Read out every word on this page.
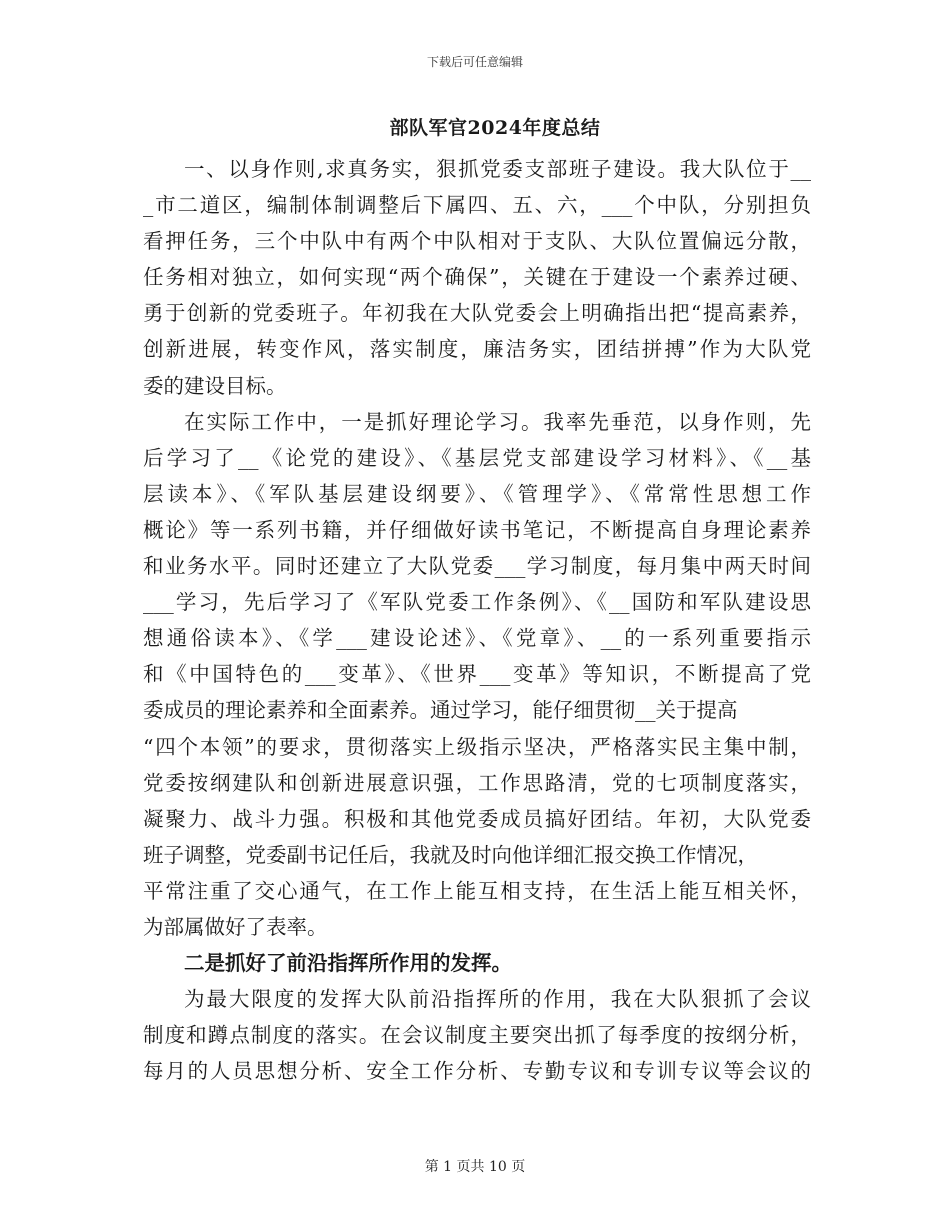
下载后可任意编辑
部队军官2024年度总结
一、以身作则,求真务实，狠抓党委支部班子建设。我大队位于__
_市二道区，编制体制调整后下属四、五、六，___个中队，分别担负
看押任务，三个中队中有两个中队相对于支队、大队位置偏远分散，
任务相对独立，如何实现“两个确保”，关键在于建设一个素养过硬、
勇于创新的党委班子。年初我在大队党委会上明确指出把“提高素养，
创新进展，转变作风，落实制度，廉洁务实，团结拼搏”作为大队党
委的建设目标。
在实际工作中，一是抓好理论学习。我率先垂范，以身作则，先
后学习了__《论党的建设》、《基层党支部建设学习材料》、《__基
层读本》、《军队基层建设纲要》、《管理学》、《常常性思想工作
概论》等一系列书籍，并仔细做好读书笔记，不断提高自身理论素养
和业务水平。同时还建立了大队党委___学习制度，每月集中两天时间
___学习，先后学习了《军队党委工作条例》、《__国防和军队建设思
想通俗读本》、《学___建设论述》、《党章》、__的一系列重要指示
和《中国特色的___变革》、《世界___变革》等知识，不断提高了党
委成员的理论素养和全面素养。通过学习，能仔细贯彻__关于提高
“四个本领”的要求，贯彻落实上级指示坚决，严格落实民主集中制，
党委按纲建队和创新进展意识强，工作思路清，党的七项制度落实，
凝聚力、战斗力强。积极和其他党委成员搞好团结。年初，大队党委
班子调整，党委副书记任后，我就及时向他详细汇报交换工作情况，
平常注重了交心通气，在工作上能互相支持，在生活上能互相关怀，
为部属做好了表率。
二是抓好了前沿指挥所作用的发挥。
为最大限度的发挥大队前沿指挥所的作用，我在大队狠抓了会议
制度和蹲点制度的落实。在会议制度主要突出抓了每季度的按纲分析，
每月的人员思想分析、安全工作分析、专勤专议和专训专议等会议的
第 1 页共 10 页
